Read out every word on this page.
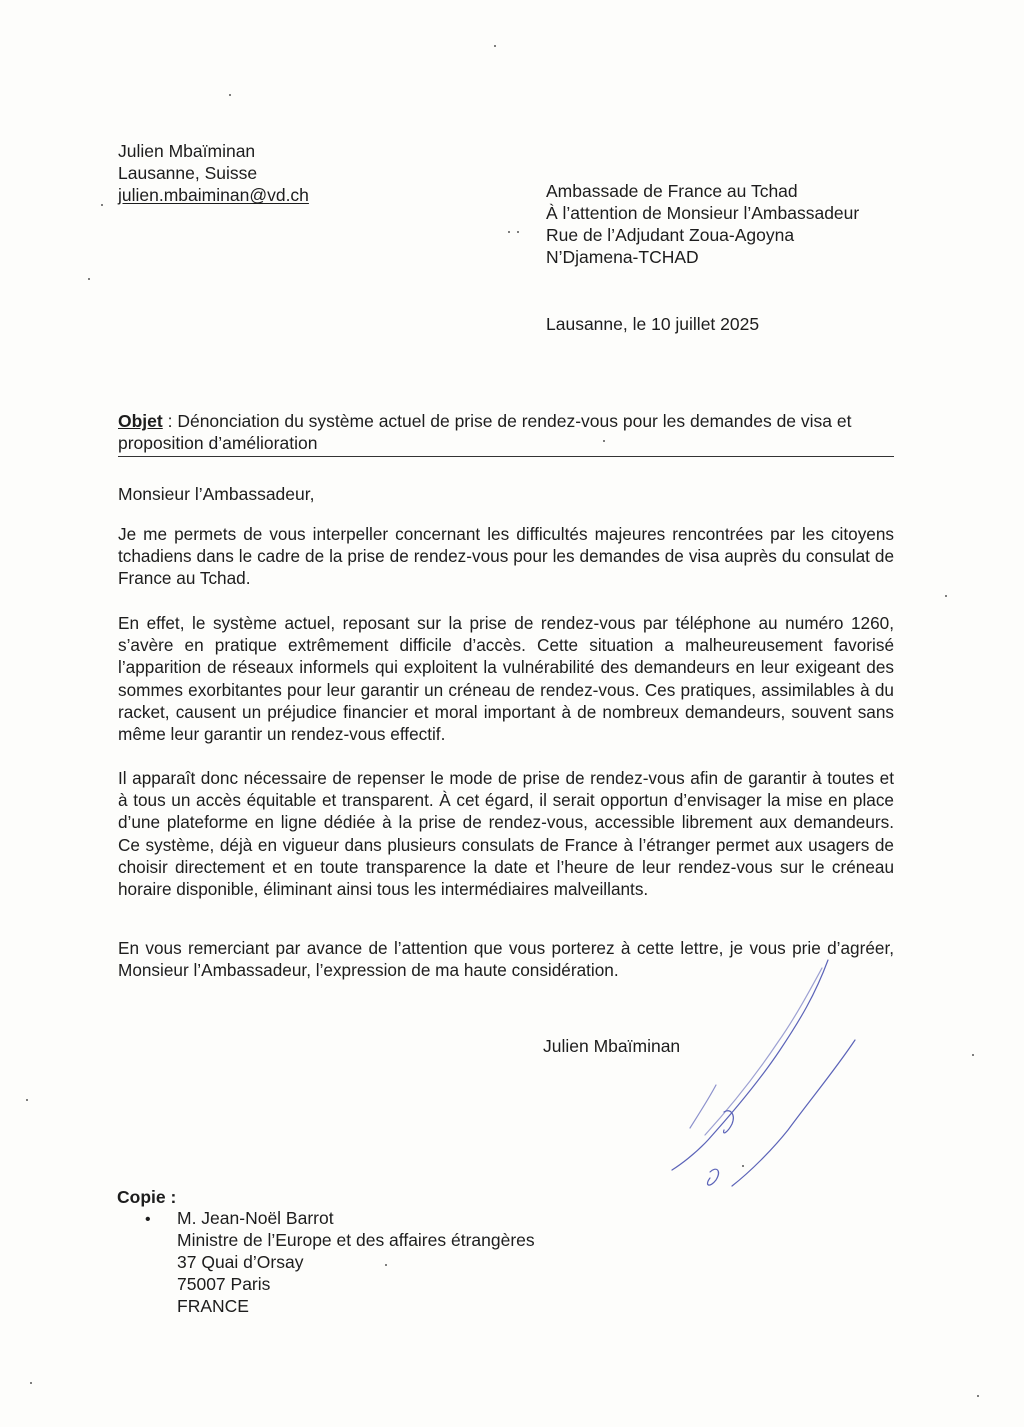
Julien Mbaïminan
Lausanne, Suisse
julien.mbaiminan@vd.ch	Ambassade de France au Tchad
À l’attention de Monsieur l’Ambassadeur
Rue de l’Adjudant Zoua-Agoyna
N’Djamena-TCHAD
Lausanne, le 10 juillet 2025
Objet : Dénonciation du système actuel de prise de rendez-vous pour les demandes de visa et proposition d’amélioration
Monsieur l’Ambassadeur,

Je me permets de vous interpeller concernant les difficultés majeures rencontrées par les citoyens tchadiens dans le cadre de la prise de rendez-vous pour les demandes de visa auprès du consulat de France au Tchad.

En effet, le système actuel, reposant sur la prise de rendez-vous par téléphone au numéro 1260, s’avère en pratique extrêmement difficile d’accès. Cette situation a malheureusement favorisé l’apparition de réseaux informels qui exploitent la vulnérabilité des demandeurs en leur exigeant des sommes exorbitantes pour leur garantir un créneau de rendez-vous. Ces pratiques, assimilables à du racket, causent un préjudice financier et moral important à de nombreux demandeurs, souvent sans même leur garantir un rendez-vous effectif.

Il apparaît donc nécessaire de repenser le mode de prise de rendez-vous afin de garantir à toutes et à tous un accès équitable et transparent. À cet égard, il serait opportun d’envisager la mise en place d’une plateforme en ligne dédiée à la prise de rendez-vous, accessible librement aux demandeurs. Ce système, déjà en vigueur dans plusieurs consulats de France à l’étranger permet aux usagers de choisir directement et en toute transparence la date et l’heure de leur rendez-vous sur le créneau horaire disponible, éliminant ainsi tous les intermédiaires malveillants.

En vous remerciant par avance de l’attention que vous porterez à cette lettre, je vous prie d’agréer, Monsieur l’Ambassadeur, l’expression de ma haute considération.

Julien Mbaïminan
Copie :
• M. Jean-Noël Barrot
Ministre de l’Europe et des affaires étrangères
37 Quai d’Orsay
75007 Paris
FRANCE
